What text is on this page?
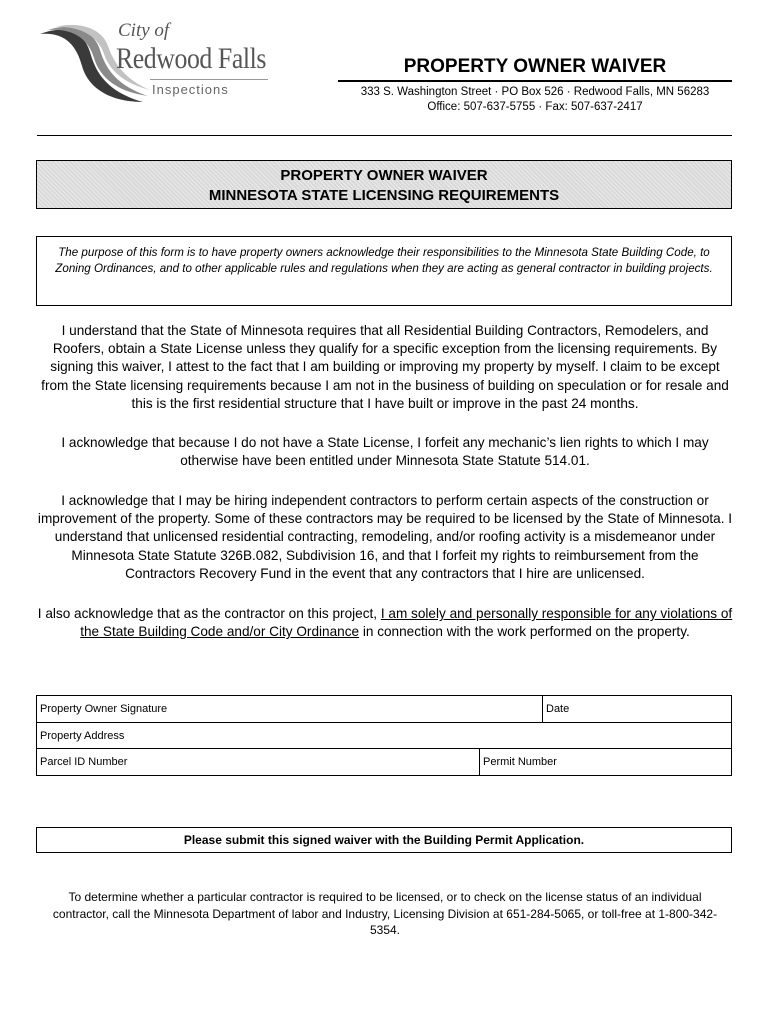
City of
Redwood Falls
Inspections
PROPERTY OWNER WAIVER
333 S. Washington Street · PO Box 526 · Redwood Falls, MN 56283
Office: 507-637-5755 · Fax: 507-637-2417
PROPERTY OWNER WAIVER
MINNESOTA STATE LICENSING REQUIREMENTS
The purpose of this form is to have property owners acknowledge their responsibilities to the Minnesota State Building Code, to Zoning Ordinances, and to other applicable rules and regulations when they are acting as general contractor in building projects.
I understand that the State of Minnesota requires that all Residential Building Contractors, Remodelers, and Roofers, obtain a State License unless they qualify for a specific exception from the licensing requirements. By signing this waiver, I attest to the fact that I am building or improving my property by myself. I claim to be except from the State licensing requirements because I am not in the business of building on speculation or for resale and this is the first residential structure that I have built or improve in the past 24 months.
I acknowledge that because I do not have a State License, I forfeit any mechanic’s lien rights to which I may otherwise have been entitled under Minnesota State Statute 514.01.
I acknowledge that I may be hiring independent contractors to perform certain aspects of the construction or improvement of the property. Some of these contractors may be required to be licensed by the State of Minnesota. I understand that unlicensed residential contracting, remodeling, and/or roofing activity is a misdemeanor under Minnesota State Statute 326B.082, Subdivision 16, and that I forfeit my rights to reimbursement from the Contractors Recovery Fund in the event that any contractors that I hire are unlicensed.
I also acknowledge that as the contractor on this project, I am solely and personally responsible for any violations of the State Building Code and/or City Ordinance in connection with the work performed on the property.
Property Owner Signature	Date
Property Address
Parcel ID Number	Permit Number
Please submit this signed waiver with the Building Permit Application.
To determine whether a particular contractor is required to be licensed, or to check on the license status of an individual contractor, call the Minnesota Department of labor and Industry, Licensing Division at 651-284-5065, or toll-free at 1-800-342-5354.
